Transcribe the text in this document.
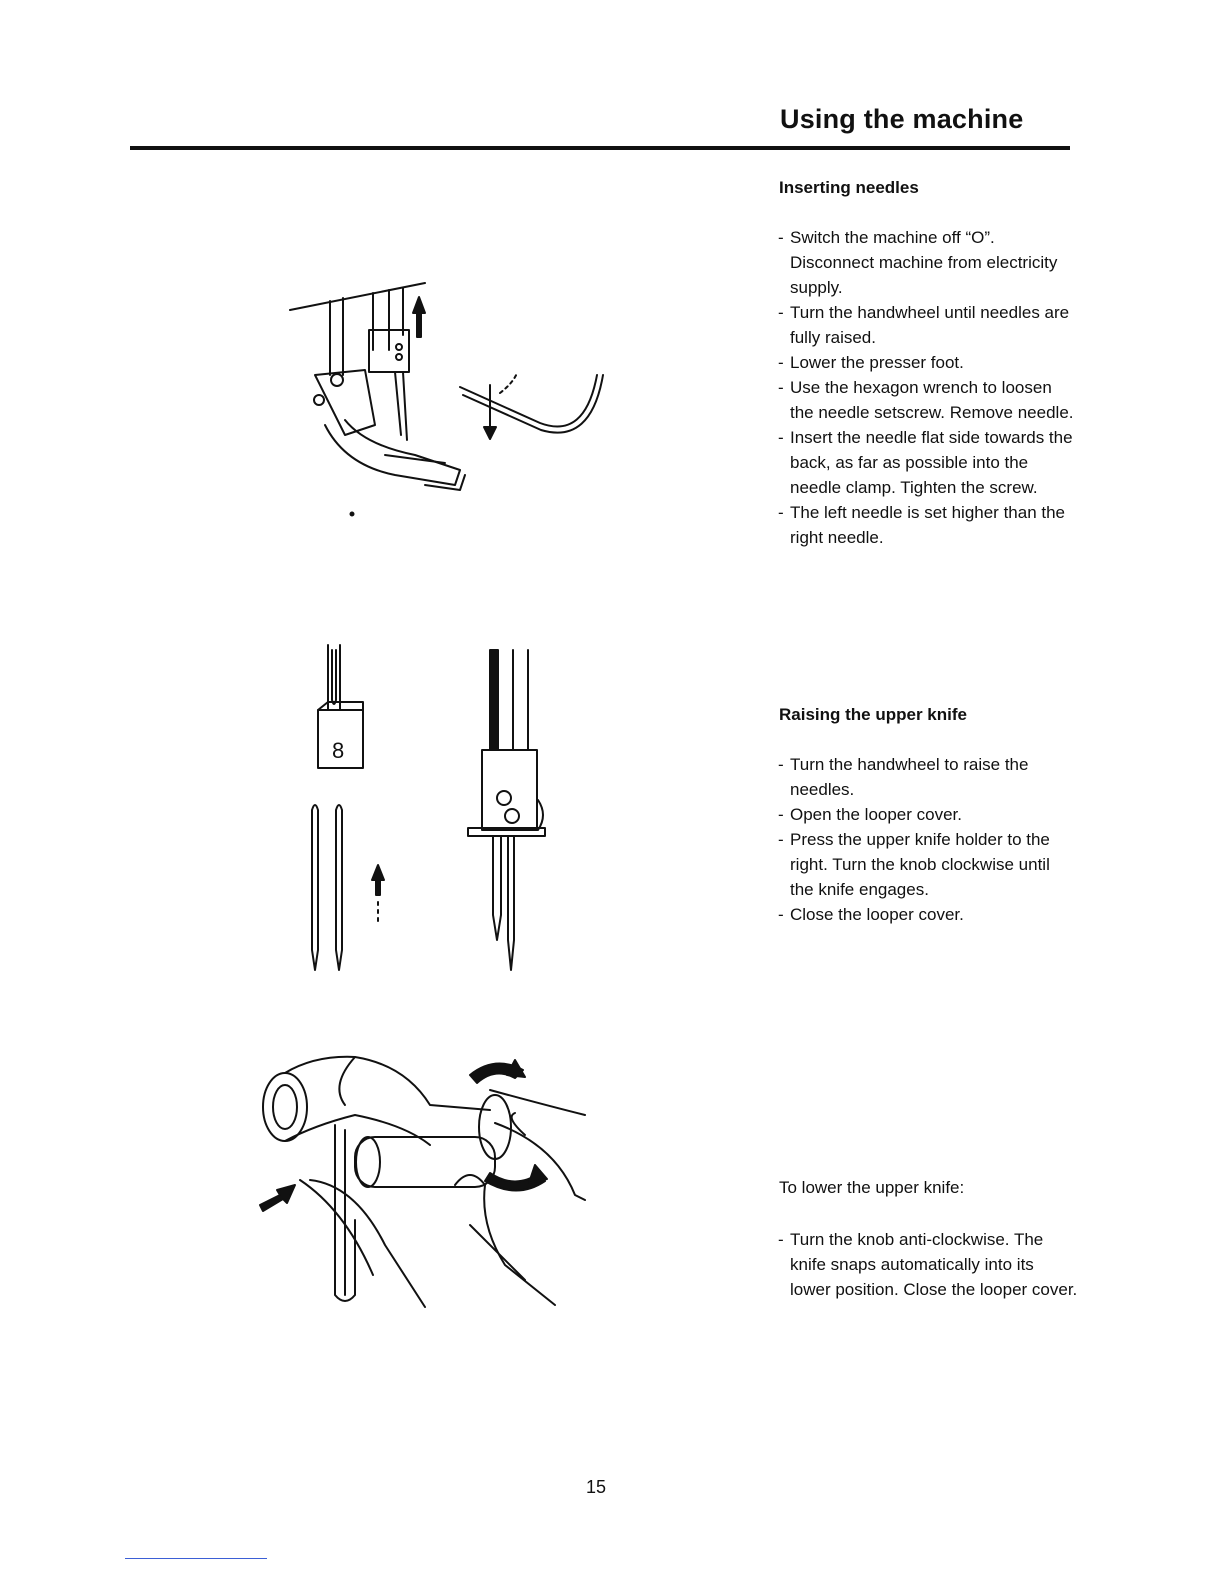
Using the machine
8
Inserting needles
- Switch the machine off “O”. Disconnect machine from electricity supply.
- Turn the handwheel until needles are fully raised.
- Lower the presser foot.
- Use the hexagon wrench to loosen the needle setscrew. Remove needle.
- Insert the needle flat side towards the back, as far as possible into the needle clamp. Tighten the screw.
- The left needle is set higher than the right needle.
Raising the upper knife
- Turn the handwheel to raise the needles.
- Open the looper cover.
- Press the upper knife holder to the right. Turn the knob clockwise until the knife engages.
- Close the looper cover.

To lower the upper knife:

- Turn the knob anti-clockwise. The knife snaps automatically into its lower position. Close the looper cover.

15
